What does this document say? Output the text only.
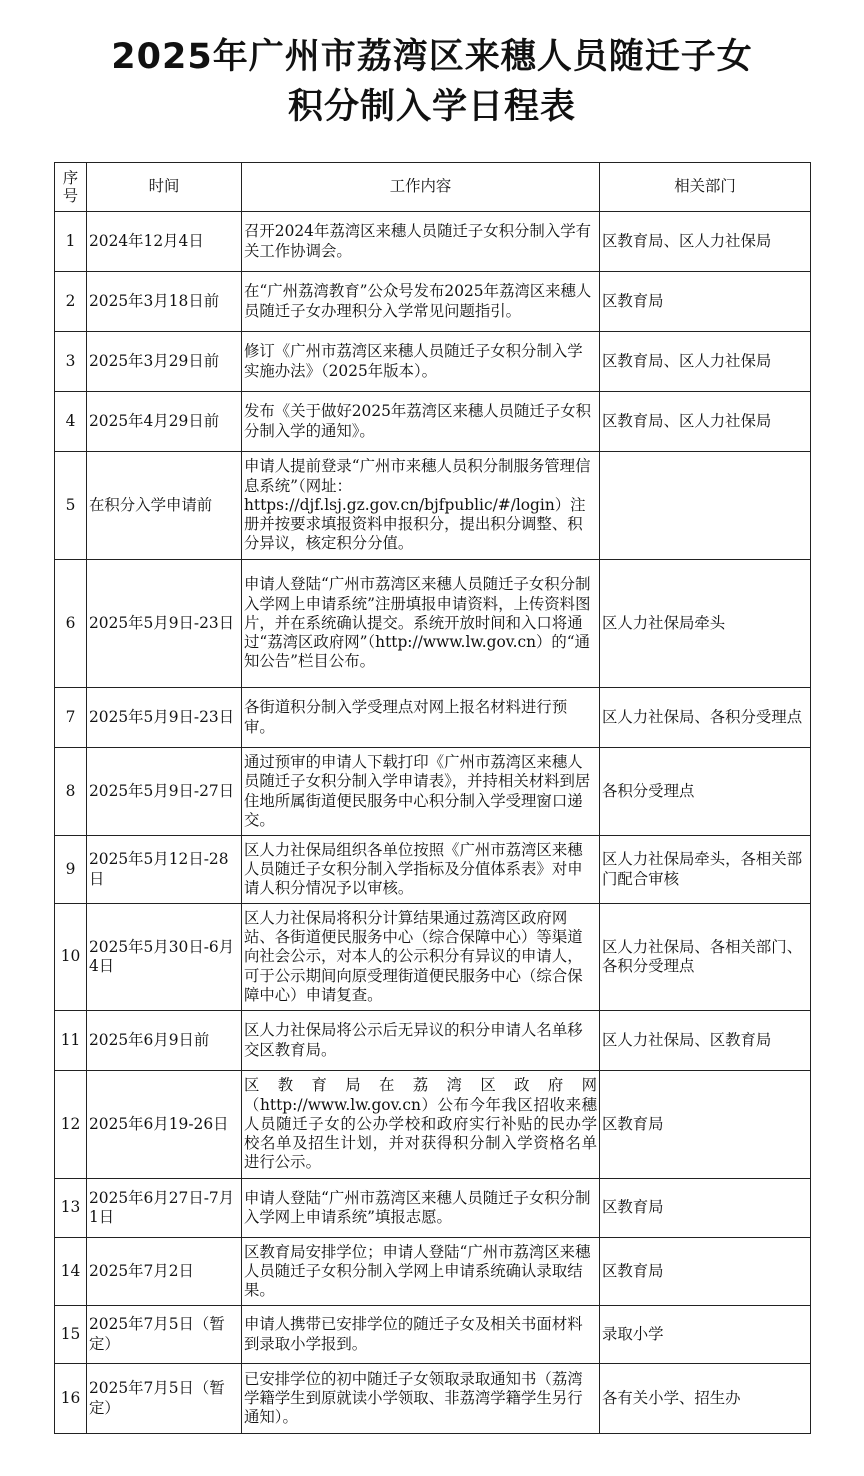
2025年广州市荔湾区来穗人员随迁子女
积分制入学日程表
序
号	时间	工作内容	相关部门
1	2024年12月4日	召开2024年荔湾区来穗人员随迁子女积分制入学有关工作协调会。	区教育局、区人力社保局
2	2025年3月18日前	在“广州荔湾教育”公众号发布2025年荔湾区来穗人员随迁子女办理积分入学常见问题指引。	区教育局
3	2025年3月29日前	修订《广州市荔湾区来穗人员随迁子女积分制入学实施办法》（2025年版本）。	区教育局、区人力社保局
4	2025年4月29日前	发布《关于做好2025年荔湾区来穗人员随迁子女积分制入学的通知》。	区教育局、区人力社保局
5	在积分入学申请前	申请人提前登录“广州市来穗人员积分制服务管理信息系统”（网址：https://djf.lsj.gz.gov.cn/bjfpublic/#/login）注册并按要求填报资料申报积分，提出积分调整、积分异议，核定积分分值。	
6	2025年5月9日-23日	申请人登陆“广州市荔湾区来穗人员随迁子女积分制入学网上申请系统”注册填报申请资料，上传资料图片，并在系统确认提交。系统开放时间和入口将通过“荔湾区政府网”（http://www.lw.gov.cn）的“通知公告”栏目公布。	区人力社保局牵头
7	2025年5月9日-23日	各街道积分制入学受理点对网上报名材料进行预审。	区人力社保局、各积分受理点
8	2025年5月9日-27日	通过预审的申请人下载打印《广州市荔湾区来穗人员随迁子女积分制入学申请表》，并持相关材料到居住地所属街道便民服务中心积分制入学受理窗口递交。	各积分受理点
9	2025年5月12日-28日	区人力社保局组织各单位按照《广州市荔湾区来穗人员随迁子女积分制入学指标及分值体系表》对申请人积分情况予以审核。	区人力社保局牵头，各相关部门配合审核
10	2025年5月30日-6月4日	区人力社保局将积分计算结果通过荔湾区政府网站、各街道便民服务中心（综合保障中心）等渠道向社会公示，对本人的公示积分有异议的申请人，可于公示期间向原受理街道便民服务中心（综合保障中心）申请复查。	区人力社保局、各相关部门、各积分受理点
11	2025年6月9日前	区人力社保局将公示后无异议的积分申请人名单移交区教育局。	区人力社保局、区教育局
12	2025年6月19-26日	区教育局在荔湾区政府网（http://www.lw.gov.cn）公布今年我区招收来穗人员随迁子女的公办学校和政府实行补贴的民办学校名单及招生计划，并对获得积分制入学资格名单进行公示。	区教育局
13	2025年6月27日-7月1日	申请人登陆“广州市荔湾区来穗人员随迁子女积分制入学网上申请系统”填报志愿。	区教育局
14	2025年7月2日	区教育局安排学位；申请人登陆“广州市荔湾区来穗人员随迁子女积分制入学网上申请系统确认录取结果。	区教育局
15	2025年7月5日（暂定）	申请人携带已安排学位的随迁子女及相关书面材料到录取小学报到。	录取小学
16	2025年7月5日（暂定）	已安排学位的初中随迁子女领取录取通知书（荔湾学籍学生到原就读小学领取、非荔湾学籍学生另行通知）。	各有关小学、招生办
